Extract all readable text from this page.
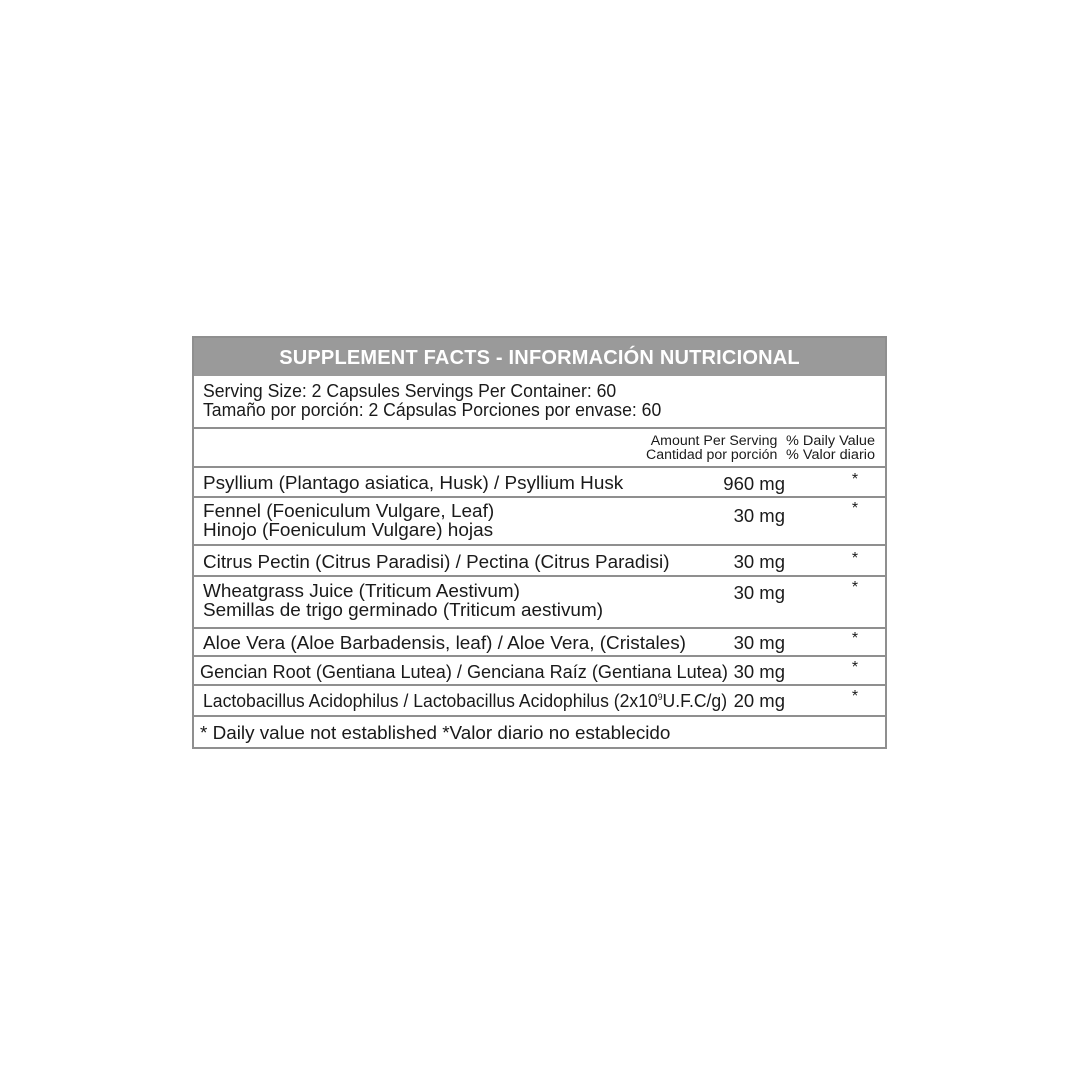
SUPPLEMENT FACTS - INFORMACIÓN NUTRICIONAL
Serving Size: 2 Capsules Servings Per Container: 60
Tamaño por porción: 2 Cápsulas Porciones por envase: 60
Amount Per Serving
Cantidad por porción
% Daily Value
% Valor diario
Psyllium (Plantago asiatica, Husk) / Psyllium Husk	960 mg	*
Fennel (Foeniculum Vulgare, Leaf)
Hinojo (Foeniculum Vulgare) hojas
30 mg	*
Citrus Pectin (Citrus Paradisi) / Pectina (Citrus Paradisi)	30 mg	*
Wheatgrass Juice (Triticum Aestivum)
Semillas de trigo germinado (Triticum aestivum)
30 mg	*
Aloe Vera (Aloe Barbadensis, leaf) / Aloe Vera, (Cristales)	30 mg	*
Gencian Root (Gentiana Lutea) / Genciana Raíz (Gentiana Lutea) 30 mg	*
Lactobacillus Acidophilus / Lactobacillus Acidophilus $(2x10^9U.F.C/g)$ 20 mg	*
* Daily value not established *Valor diario no establecido
